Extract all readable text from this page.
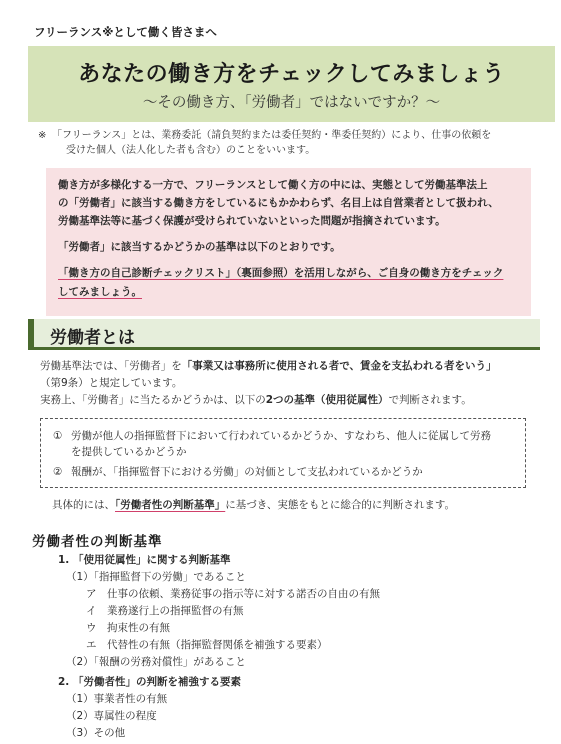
フリーランス※として働く皆さまへ
あなたの働き方をチェックしてみましょう
～その働き方、「労働者」ではないですか？～
※ 「フリーランス」とは、業務委託（請負契約または委任契約・準委任契約）により、仕事の依頼を
受けた個人（法人化した者も含む）のことをいいます。

働き方が多様化する一方で、フリーランスとして働く方の中には、実態として労働基準法上

の「労働者」に該当する働き方をしているにもかかわらず、名目上は自営業者として扱われ、

労働基準法等に基づく保護が受けられていないといった問題が指摘されています。

「労働者」に該当するかどうかの基準は以下のとおりです。

「働き方の自己診断チェックリスト」（裏面参照）を活用しながら、ご自身の働き方をチェック

してみましょう。

労働者とは
労働基準法では、「労働者」を「事業又は事務所に使用される者で、賃金を支払われる者をいう」
（第9条）と規定しています。
実務上、「労働者」に当たるかどうかは、以下の2つの基準（使用従属性）で判断されます。
① 労働が他人の指揮監督下において行われているかどうか、すなわち、他人に従属して労務
を提供しているかどうか
② 報酬が、「指揮監督下における労働」の対価として支払われているかどうか
具体的には、「労働者性の判断基準」に基づき、実態をもとに総合的に判断されます。
労働者性の判断基準
1. 「使用従属性」に関する判断基準
（1）「指揮監督下の労働」であること
ア　仕事の依頼、業務従事の指示等に対する諾否の自由の有無
イ　業務遂行上の指揮監督の有無
ウ　拘束性の有無
エ　代替性の有無（指揮監督関係を補強する要素）
（2）「報酬の労務対償性」があること
2. 「労働者性」の判断を補強する要素
（1）事業者性の有無
（2）専属性の程度
（3）その他
